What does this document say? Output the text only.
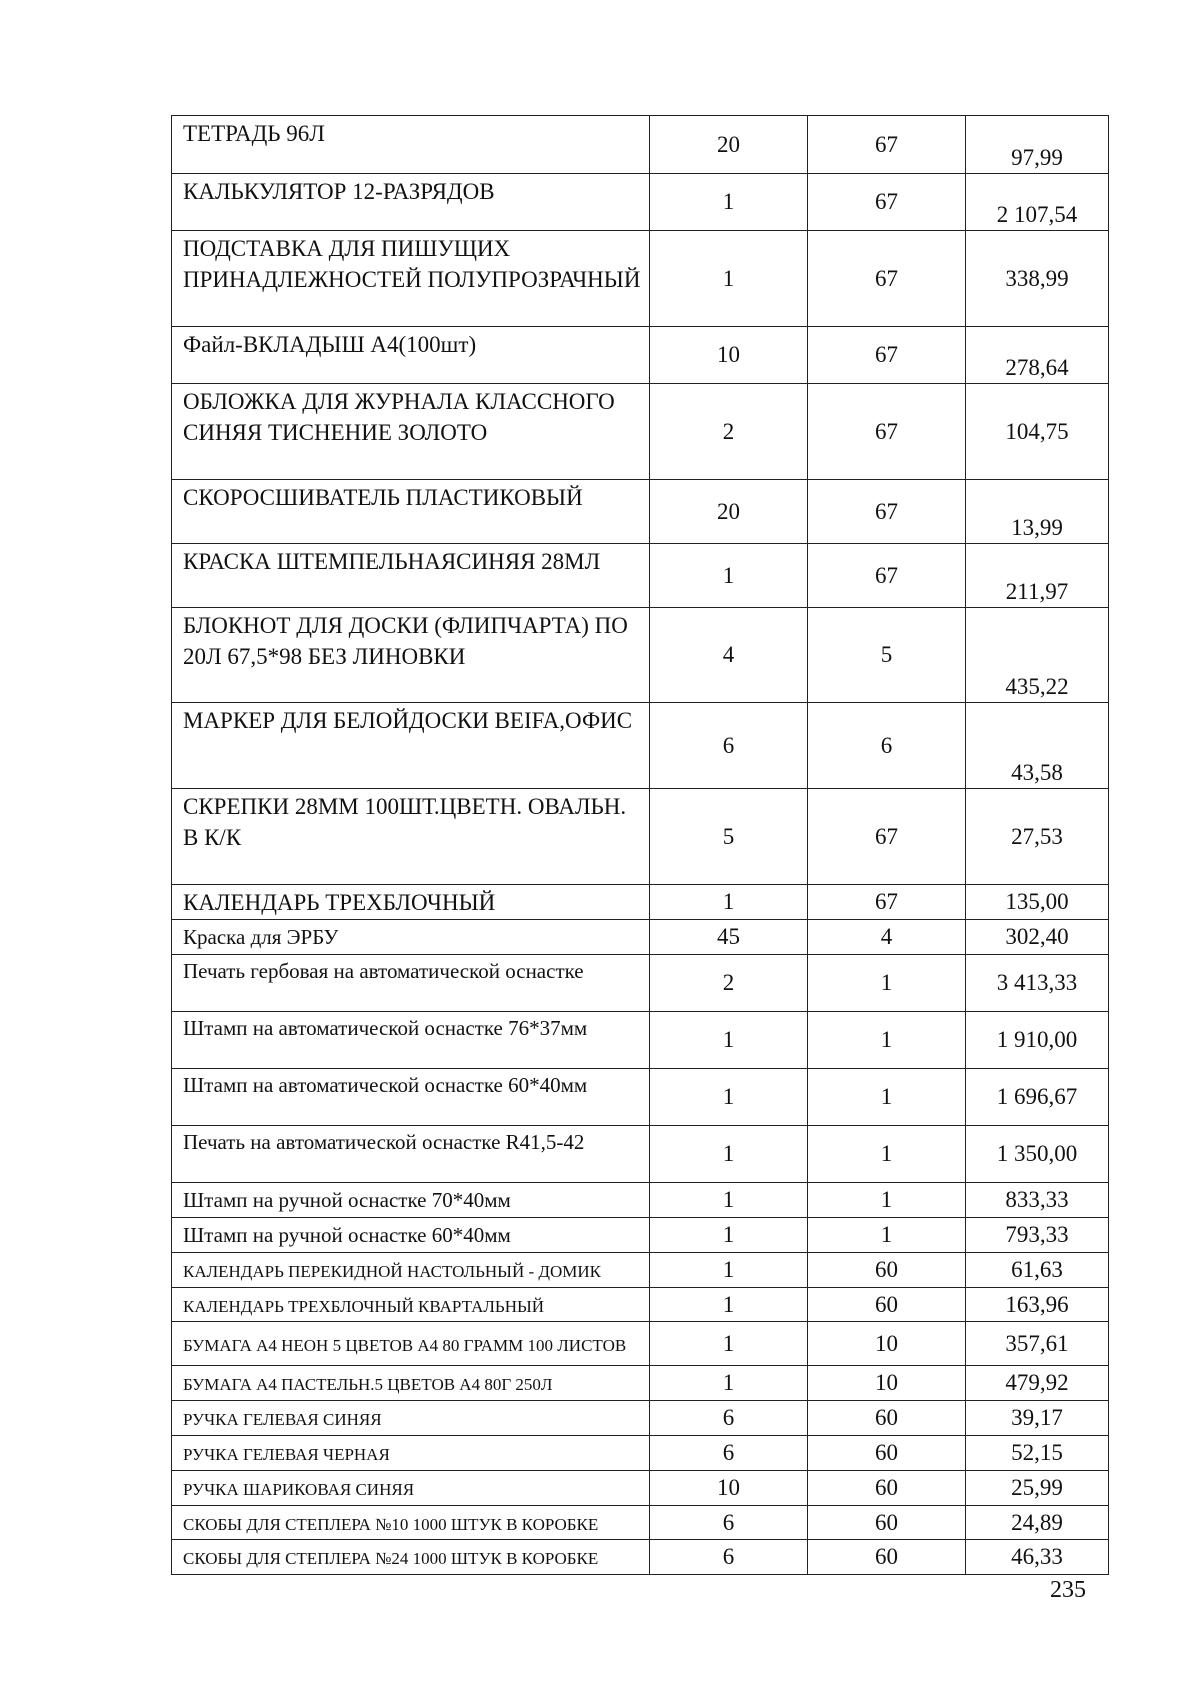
ТЕТРАДЬ 96Л	20	67	97,99
КАЛЬКУЛЯТОР 12-РАЗРЯДОВ	1	67	2 107,54
ПОДСТАВКА ДЛЯ ПИШУЩИХ ПРИНАДЛЕЖНОСТЕЙ ПОЛУПРОЗРАЧНЫЙ	1	67	338,99
Файл-ВКЛАДЫШ А4(100шт)	10	67	278,64
ОБЛОЖКА ДЛЯ ЖУРНАЛА КЛАССНОГО СИНЯЯ ТИСНЕНИЕ ЗОЛОТО	2	67	104,75
СКОРОСШИВАТЕЛЬ ПЛАСТИКОВЫЙ	20	67	13,99
КРАСКА ШТЕМПЕЛЬНАЯСИНЯЯ 28МЛ	1	67	211,97
БЛОКНОТ ДЛЯ ДОСКИ (ФЛИПЧАРТА) ПО 20Л 67,5*98 БЕЗ ЛИНОВКИ	4	5	435,22
МАРКЕР ДЛЯ БЕЛОЙДОСКИ BEIFA,ОФИС	6	6	43,58
СКРЕПКИ 28ММ 100ШТ.ЦВЕТН. ОВАЛЬН. В К/К	5	67	27,53
КАЛЕНДАРЬ ТРЕХБЛОЧНЫЙ	1	67	135,00
Краска для ЭРБУ	45	4	302,40
Печать гербовая на автоматической оснастке	2	1	3 413,33
Штамп на автоматической оснастке 76*37мм	1	1	1 910,00
Штамп на автоматической оснастке 60*40мм	1	1	1 696,67
Печать на автоматической оснастке R41,5-42	1	1	1 350,00
Штамп на ручной оснастке 70*40мм	1	1	833,33
Штамп на ручной оснастке 60*40мм	1	1	793,33
КАЛЕНДАРЬ ПЕРЕКИДНОЙ НАСТОЛЬНЫЙ - ДОМИК	1	60	61,63
КАЛЕНДАРЬ ТРЕХБЛОЧНЫЙ КВАРТАЛЬНЫЙ	1	60	163,96
БУМАГА А4 НЕОН 5 ЦВЕТОВ А4 80 ГРАММ 100 ЛИСТОВ	1	10	357,61
БУМАГА А4 ПАСТЕЛЬН.5 ЦВЕТОВ А4 80Г 250Л	1	10	479,92
РУЧКА ГЕЛЕВАЯ СИНЯЯ	6	60	39,17
РУЧКА ГЕЛЕВАЯ ЧЕРНАЯ	6	60	52,15
РУЧКА ШАРИКОВАЯ СИНЯЯ	10	60	25,99
СКОБЫ ДЛЯ СТЕПЛЕРА №10 1000 ШТУК В КОРОБКЕ	6	60	24,89
СКОБЫ ДЛЯ СТЕПЛЕРА №24 1000 ШТУК В КОРОБКЕ	6	60	46,33
235
